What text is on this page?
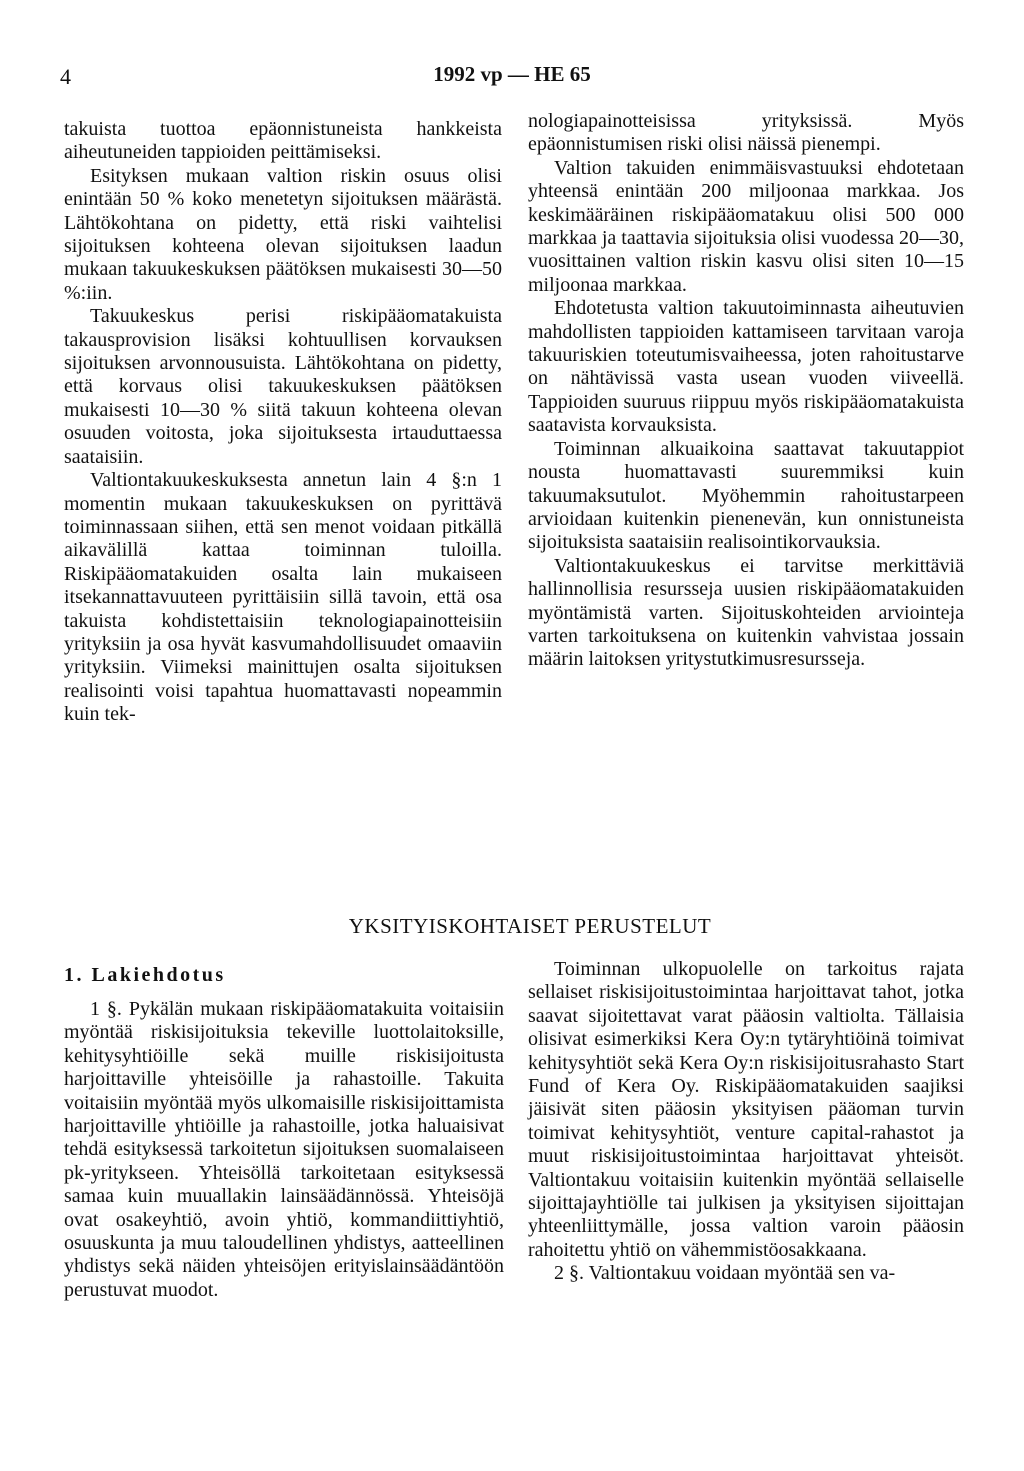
4	1992 vp — HE 65

takuista tuottoa epäonnistuneista hankkeista aiheutuneiden tappioiden peittämiseksi.

Esityksen mukaan valtion riskin osuus olisi enintään 50 % koko menetetyn sijoituksen määrästä. Lähtökohtana on pidetty, että riski vaihtelisi sijoituksen kohteena olevan sijoituksen laadun mukaan takuukeskuksen päätöksen mukaisesti 30—50 %:iin.

Takuukeskus perisi riskipääomatakuista takausprovision lisäksi kohtuullisen korvauksen sijoituksen arvonnousuista. Lähtökohtana on pidetty, että korvaus olisi takuukeskuksen päätöksen mukaisesti 10—30 % siitä takuun kohteena olevan osuuden voitosta, joka sijoituksesta irtauduttaessa saataisiin.

Valtiontakuukeskuksesta annetun lain 4 §:n 1 momentin mukaan takuukeskuksen on pyrittävä toiminnassaan siihen, että sen menot voidaan pitkällä aikavälillä kattaa toiminnan tuloilla. Riskipääomatakuiden osalta lain mukaiseen itsekannattavuuteen pyrittäisiin sillä tavoin, että osa takuista kohdistettaisiin teknologiapainotteisiin yrityksiin ja osa hyvät kasvumahdollisuudet omaaviin yrityksiin. Viimeksi mainittujen osalta sijoituksen realisointi voisi tapahtua huomattavasti nopeammin kuin tek-

nologiapainotteisissa yrityksissä. Myös epäonnistumisen riski olisi näissä pienempi.

Valtion takuiden enimmäisvastuuksi ehdotetaan yhteensä enintään 200 miljoonaa markkaa. Jos keskimääräinen riskipääomatakuu olisi 500 000 markkaa ja taattavia sijoituksia olisi vuodessa 20—30, vuosittainen valtion riskin kasvu olisi siten 10—15 miljoonaa markkaa.

Ehdotetusta valtion takuutoiminnasta aiheutuvien mahdollisten tappioiden kattamiseen tarvitaan varoja takuuriskien toteutumisvaiheessa, joten rahoitustarve on nähtävissä vasta usean vuoden viiveellä. Tappioiden suuruus riippuu myös riskipääomatakuista saatavista korvauksista.

Toiminnan alkuaikoina saattavat takuutappiot nousta huomattavasti suuremmiksi kuin takuumaksutulot. Myöhemmin rahoitustarpeen arvioidaan kuitenkin pienenevän, kun onnistuneista sijoituksista saataisiin realisointikorvauksia.

Valtiontakuukeskus ei tarvitse merkittäviä hallinnollisia resursseja uusien riskipääomatakuiden myöntämistä varten. Sijoituskohteiden arviointeja varten tarkoituksena on kuitenkin vahvistaa jossain määrin laitoksen yritystutkimusresursseja.

YKSITYISKOHTAISET PERUSTELUT
1. Lakiehdotus

1 §. Pykälän mukaan riskipääomatakuita voitaisiin myöntää riskisijoituksia tekeville luottolaitoksille, kehitysyhtiöille sekä muille riskisijoitusta harjoittaville yhteisöille ja rahastoille. Takuita voitaisiin myöntää myös ulkomaisille riskisijoittamista harjoittaville yhtiöille ja rahastoille, jotka haluaisivat tehdä esityksessä tarkoitetun sijoituksen suomalaiseen pk-yritykseen. Yhteisöllä tarkoitetaan esityksessä samaa kuin muuallakin lainsäädännössä. Yhteisöjä ovat osakeyhtiö, avoin yhtiö, kommandiittiyhtiö, osuuskunta ja muu taloudellinen yhdistys, aatteellinen yhdistys sekä näiden yhteisöjen erityislainsäädäntöön perustuvat muodot.

Toiminnan ulkopuolelle on tarkoitus rajata sellaiset riskisijoitustoimintaa harjoittavat tahot, jotka saavat sijoitettavat varat pääosin valtiolta. Tällaisia olisivat esimerkiksi Kera Oy:n tytäryhtiöinä toimivat kehitysyhtiöt sekä Kera Oy:n riskisijoitusrahasto Start Fund of Kera Oy. Riskipääomatakuiden saajiksi jäisivät siten pääosin yksityisen pääoman turvin toimivat kehitysyhtiöt, venture capital-rahastot ja muut riskisijoitustoimintaa harjoittavat yhteisöt. Valtiontakuu voitaisiin kuitenkin myöntää sellaiselle sijoittajayhtiölle tai julkisen ja yksityisen sijoittajan yhteenliittymälle, jossa valtion varoin pääosin rahoitettu yhtiö on vähemmistöosakkaana.

2 §. Valtiontakuu voidaan myöntää sen va-
